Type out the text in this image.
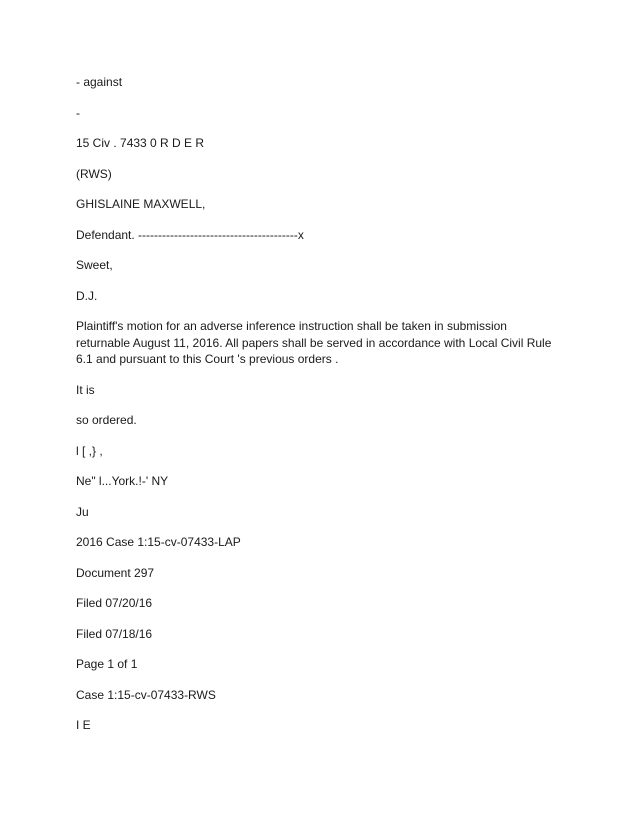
- against

-

15 Civ . 7433 0 R D E R

(RWS)

GHISLAINE MAXWELL,

Defendant. ----------------------------------------x

Sweet,

D.J.

Plaintiff's motion for an adverse inference instruction shall be taken in submission returnable August 11, 2016. All papers shall be served in accordance with Local Civil Rule 6.1 and pursuant to this Court 's previous orders .

It is

so ordered.

l [ ,} ,

Ne" l...York.!-' NY

Ju

2016 Case 1:15-cv-07433-LAP

Document 297

Filed 07/20/16

Filed 07/18/16

Page 1 of 1

Case 1:15-cv-07433-RWS

I E
